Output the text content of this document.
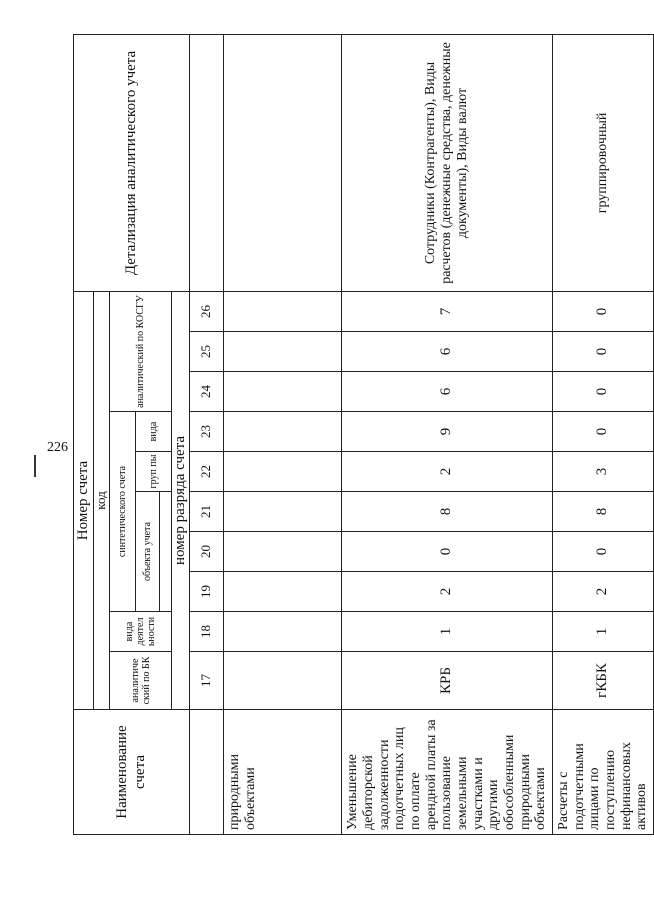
226
Наименование счета	Номер счета										Детализация аналитического учета
	код										
	аналитиче ский по БК	вида деятел ьности	синтетического счета					аналитический по КОСГУ			
			объекта учета			груп пы	вида				

	номер разряда счета										
	17	18	19	20	21	22	23	24	25	26	
природными объектами											
Уменьшение дебиторской задолженности подотчетных лиц по оплате арендной платы за пользование земельными участками и другими обособленными природными объектами	КРБ	1	2	0	8	2	9	6	6	7	Сотрудники (Контрагенты), Виды расчетов (денежные средства, денежные документы), Виды валют
Расчеты с подотчетными лицами по поступлению нефинансовых активов	гКБК	1	2	0	8	3	0	0	0	0	группировочный
